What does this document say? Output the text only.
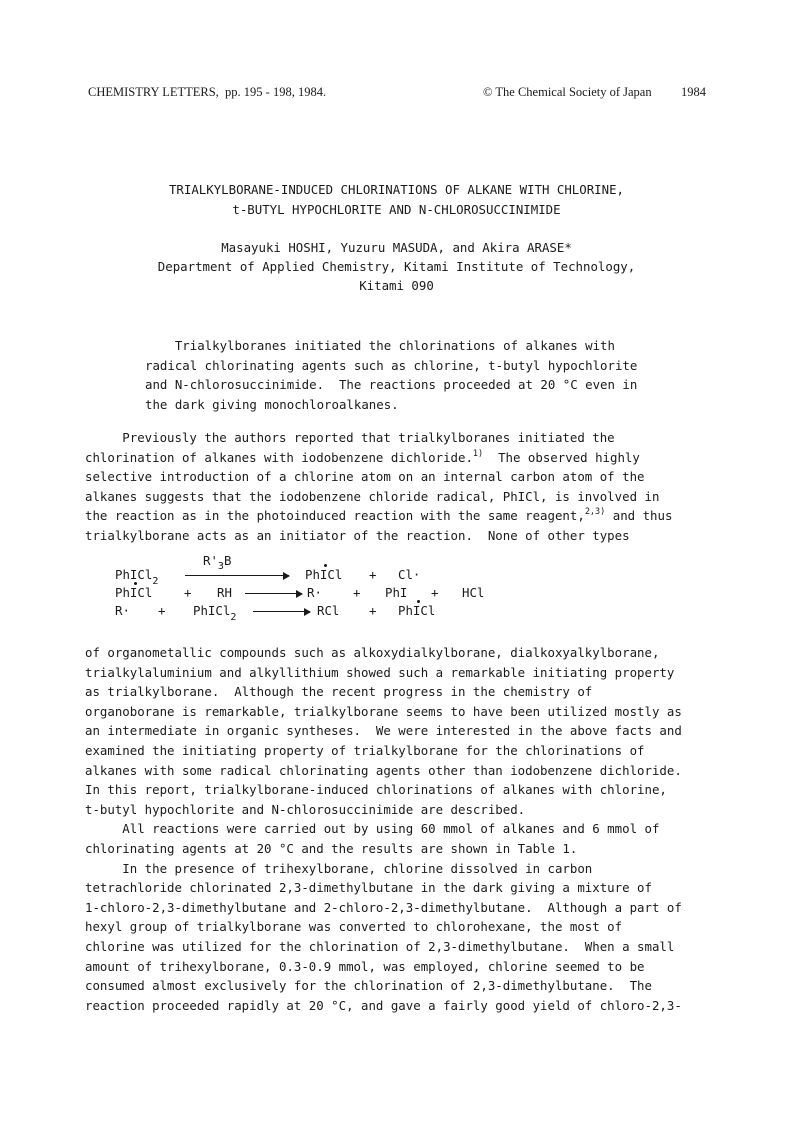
CHEMISTRY LETTERS, pp. 195 - 198, 1984.	© The Chemical Society of Japan 1984
TRIALKYLBORANE-INDUCED CHLORINATIONS OF ALKANE WITH CHLORINE,
t-BUTYL HYPOCHLORITE AND N-CHLOROSUCCINIMIDE
Masayuki HOSHI, Yuzuru MASUDA, and Akira ARASE*
Department of Applied Chemistry, Kitami Institute of Technology,
Kitami 090
Trialkylboranes initiated the chlorinations of alkanes with
radical chlorinating agents such as chlorine, t-butyl hypochlorite
and N-chlorosuccinimide.  The reactions proceeded at 20 °C even in
the dark giving monochloroalkanes.
Previously the authors reported that trialkylboranes initiated the
chlorination of alkanes with iodobenzene dichloride.$^{1)}$  The observed highly
selective introduction of a chlorine atom on an internal carbon atom of the
alkanes suggests that the iodobenzene chloride radical, PhICl, is involved in
the reaction as in the photoinduced reaction with the same reagent,$^{2,3)}$ and thus
trialkylborane acts as an initiator of the reaction.  None of other types
$R'_3B$
PhICl$_2$	PhICl + Cl·
PhICl	+ RH	R·	+ PhI + HCl
R· + PhICl$_2$	RCl + PhICl
of organometallic compounds such as alkoxydialkylborane, dialkoxyalkylborane,
trialkylaluminium and alkyllithium showed such a remarkable initiating property
as trialkylborane.  Although the recent progress in the chemistry of
organoborane is remarkable, trialkylborane seems to have been utilized mostly as
an intermediate in organic syntheses.  We were interested in the above facts and
examined the initiating property of trialkylborane for the chlorinations of
alkanes with some radical chlorinating agents other than iodobenzene dichloride.
In this report, trialkylborane-induced chlorinations of alkanes with chlorine,
t-butyl hypochlorite and N-chlorosuccinimide are described.
All reactions were carried out by using 60 mmol of alkanes and 6 mmol of
chlorinating agents at 20 °C and the results are shown in Table 1.
In the presence of trihexylborane, chlorine dissolved in carbon
tetrachloride chlorinated 2,3-dimethylbutane in the dark giving a mixture of
1-chloro-2,3-dimethylbutane and 2-chloro-2,3-dimethylbutane.  Although a part of
hexyl group of trialkylborane was converted to chlorohexane, the most of
chlorine was utilized for the chlorination of 2,3-dimethylbutane.  When a small
amount of trihexylborane, 0.3-0.9 mmol, was employed, chlorine seemed to be
consumed almost exclusively for the chlorination of 2,3-dimethylbutane.  The
reaction proceeded rapidly at 20 °C, and gave a fairly good yield of chloro-2,3-
